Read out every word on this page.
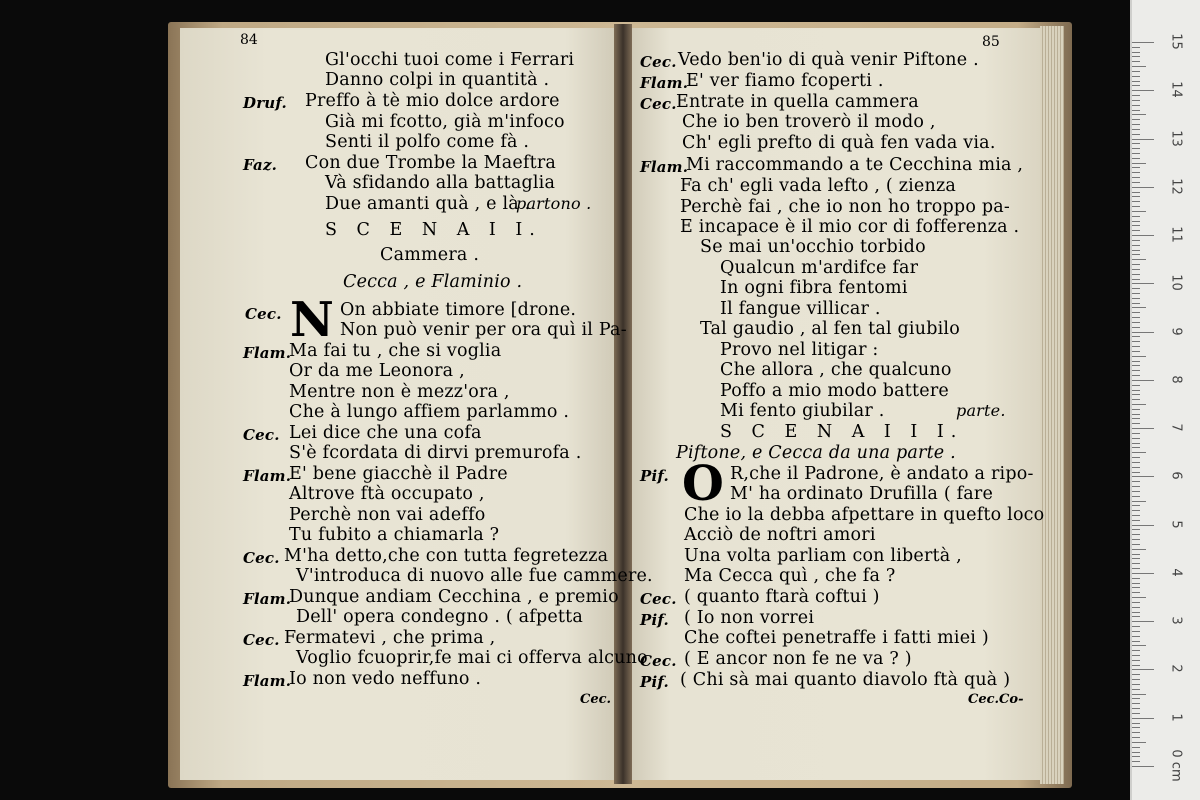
84
Gl'occhi tuoi come i Ferrari
Danno colpi in quantità .
Druf. Preffo à tè mio dolce ardore
Già mi fcotto, già m'infoco
Senti il polfo come fà .
Faz. Con due Trombe la Maeftra
Và sfidando alla battaglia
Due amanti quà , e là .
partono .
S C E N A I I.
Cammera .
Cecca , e Flaminio .
Cec. N On abbiate timore [drone.
Non può venir per ora quì il Pa-
Flam.
Ma fai tu , che si voglia
Or da me Leonora ,
Mentre non è mezz'ora ,
Che à lungo affiem parlammo .
Cec. Lei dice che una cofa
S'è fcordata di dirvi premurofa .
Flam.
E' bene giacchè il Padre
Altrove ftà occupato ,
Perchè non vai adeffo
Tu fubito a chiamarla ?
Cec. M'ha detto,che con tutta fegretezza
V'introduca di nuovo alle fue cammere.
Flam.
Dunque andiam Cecchina , e premio
Dell' opera condegno . ( afpetta
Cec. Fermatevi , che prima ,
Voglio fcuoprir,fe mai ci offerva alcuno
Flam.
Io non vedo neffuno .
Cec.
85
Cec. Vedo ben'io di quà venir Piftone .
Flam.
E' ver fiamo fcoperti .
Cec. Entrate in quella cammera
Che io ben troverò il modo ,
Ch' egli prefto di quà fen vada via.
Flam.
Mi raccommando a te Cecchina mia ,
Fa ch' egli vada lefto , ( zienza
Perchè fai , che io non ho troppo pa-
E incapace è il mio cor di fofferenza .
Se mai un'occhio torbido
Qualcun m'ardifce far
In ogni fibra fentomi
Il fangue villicar .
Tal gaudio , al fen tal giubilo
Provo nel litigar :
Che allora , che qualcuno
Poffo a mio modo battere
Mi fento giubilar .	parte.
S C E N A I I I.
Piftone, e Cecca da una parte .
Pif. O R,che il Padrone, è andato a ripo-
M' ha ordinato Drufilla ( fare
Che io la debba afpettare in quefto loco
Acciò de noftri amori
Una volta parliam con libertà ,
Ma Cecca quì , che fa ?
Cec. ( quanto ftarà coftui )
Pif. ( Io non vorrei
Che coftei penetraffe i fatti miei )
Cec. ( E ancor non fe ne va ? )
Pif. ( Chi sà mai quanto diavolo ftà quà )
Cec.Co-
15
14
13
12
11
10
9
8
7
6
5
4
3
2
1
0 cm
